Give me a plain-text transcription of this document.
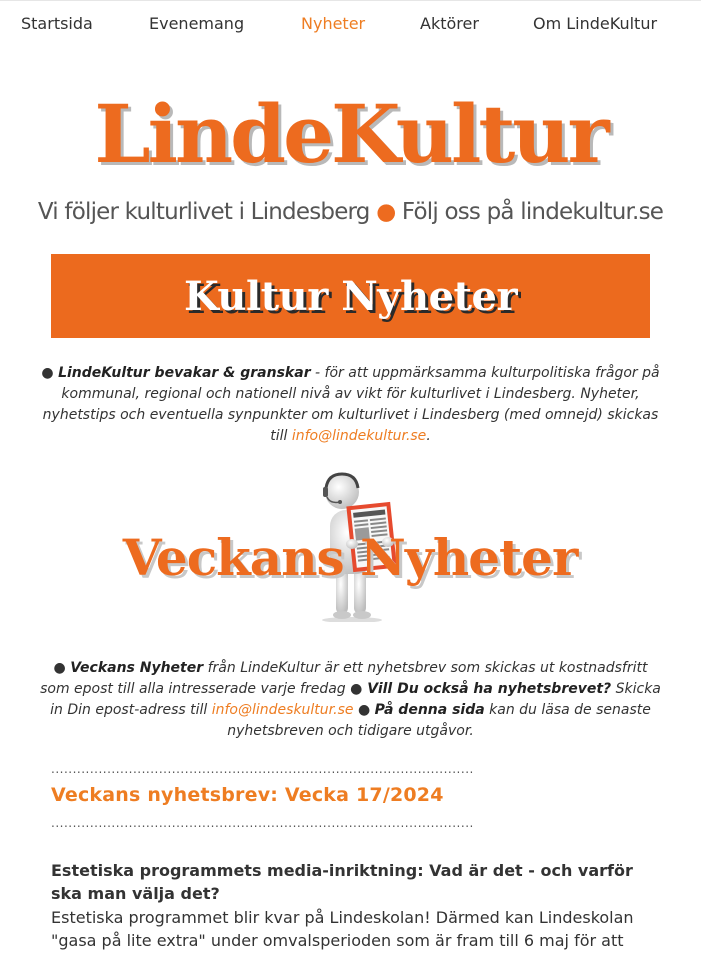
Startsida	Evenemang	Nyheter	Aktörer	Om LindeKultur
LindeKultur
Vi följer kulturlivet i Lindesberg ● Följ oss på lindekultur.se
Kultur Nyheter
● LindeKultur bevakar & granskar - för att uppmärksamma kulturpolitiska frågor på kommunal, regional och nationell nivå av vikt för kulturlivet i Lindesberg. Nyheter, nyhetstips och eventuella synpunkter om kulturlivet i Lindesberg (med omnejd) skickas till info@lindekultur.se.
Veckans Nyheter
● Veckans Nyheter från LindeKultur är ett nyhetsbrev som skickas ut kostnadsfritt som epost till alla intresserade varje fredag ● Vill Du också ha nyhetsbrevet? Skicka in Din epost-adress till info@lindeskultur.se ● På denna sida kan du läsa de senaste nyhetsbreven och tidigare utgåvor.
..................................................................................................
Veckans nyhetsbrev: Vecka 17/2024
..................................................................................................
Estetiska programmets media-inriktning: Vad är det - och varför ska man välja det?
Estetiska programmet blir kvar på Lindeskolan! Därmed kan Lindeskolan "gasa på lite extra" under omvalsperioden som är fram till 6 maj för att
